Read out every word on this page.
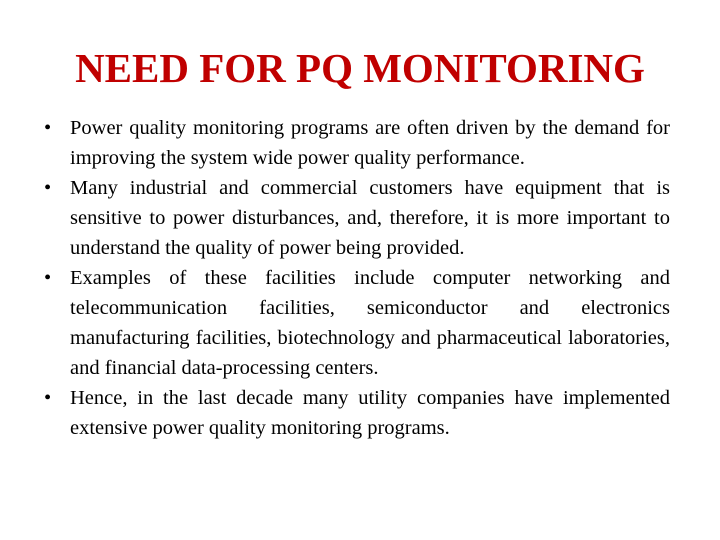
NEED FOR PQ MONITORING
• Power quality monitoring programs are often driven by the demand for improving the system wide power quality performance.
• Many industrial and commercial customers have equipment that is sensitive to power disturbances, and, therefore, it is more important to understand the quality of power being provided.
• Examples of these facilities include computer networking and telecommunication facilities, semiconductor and electronics manufacturing facilities, biotechnology and pharmaceutical laboratories, and financial data-processing centers.
• Hence, in the last decade many utility companies have implemented extensive power quality monitoring programs.
